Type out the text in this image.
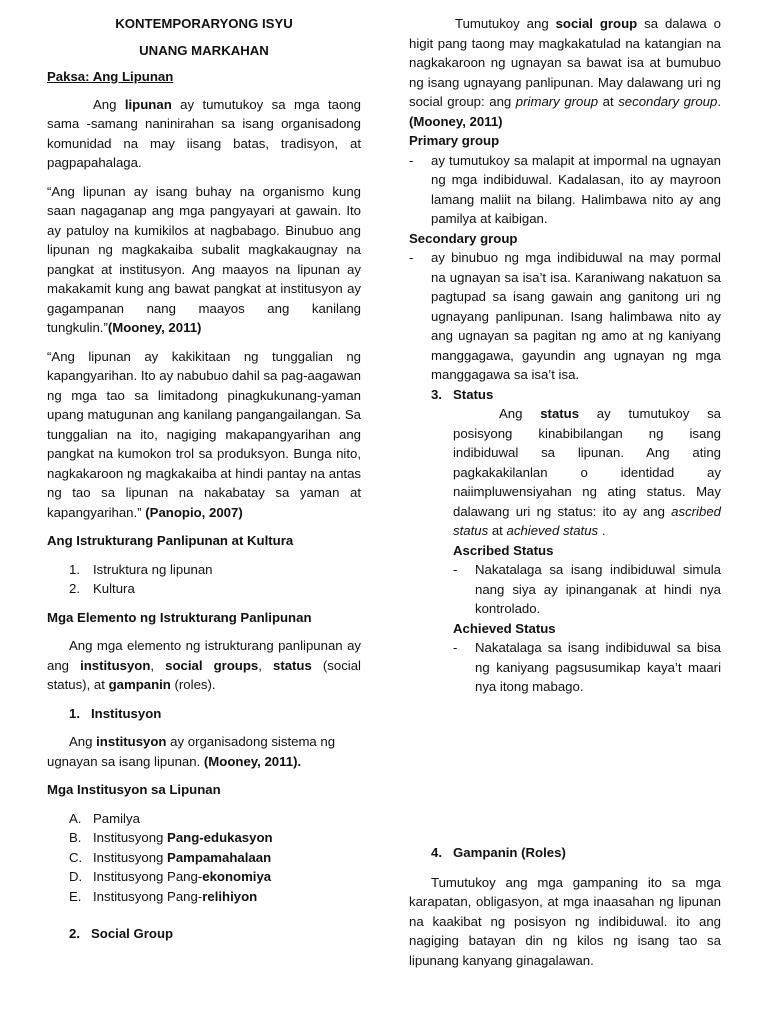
KONTEMPORARYONG ISYU

UNANG MARKAHAN

Paksa: Ang Lipunan

Ang lipunan ay tumutukoy sa mga taong sama -samang naninirahan sa isang organisadong komunidad na may iisang batas, tradisyon, at pagpapahalaga.

“Ang lipunan ay isang buhay na organismo kung saan nagaganap ang mga pangyayari at gawain. Ito ay patuloy na kumikilos at nagbabago. Binubuo ang lipunan ng magkakaiba subalit magkakaugnay na pangkat at institusyon. Ang maayos na lipunan ay makakamit kung ang bawat pangkat at institusyon ay gagampanan nang maayos ang kanilang tungkulin.”(Mooney, 2011)

“Ang lipunan ay kakikitaan ng tunggalian ng kapangyarihan. Ito ay nabubuo dahil sa pag-aagawan ng mga tao sa limitadong pinagkukunang-yaman upang matugunan ang kanilang pangangailangan. Sa tunggalian na ito, nagiging makapangyarihan ang pangkat na kumokon trol sa produksyon. Bunga nito, nagkakaroon ng magkakaiba at hindi pantay na antas ng tao sa lipunan na nakabatay sa yaman at kapangyarihan.” (Panopio, 2007)

Ang Istrukturang Panlipunan at Kultura

1. Istruktura ng lipunan
2. Kultura

Mga Elemento ng Istrukturang Panlipunan

Ang mga elemento ng istrukturang panlipunan ay ang institusyon, social groups, status (social status), at gampanin (roles).

1. Institusyon

Ang institusyon ay organisadong sistema ng ugnayan sa isang lipunan. (Mooney, 2011).

Mga Institusyon sa Lipunan

A. Pamilya
B. Institusyong Pang-edukasyon
C. Institusyong Pampamahalaan
D. Institusyong Pang-ekonomiya
E. Institusyong Pang-relihiyon

2. Social Group

Tumutukoy ang social group sa dalawa o higit pang taong may magkakatulad na katangian na nagkakaroon ng ugnayan sa bawat isa at bumubuo ng isang ugnayang panlipunan. May dalawang uri ng social group: ang primary group at secondary group. (Mooney, 2011)

Primary group

- ay tumutukoy sa malapit at impormal na ugnayan ng mga indibiduwal. Kadalasan, ito ay mayroon lamang maliit na bilang. Halimbawa nito ay ang pamilya at kaibigan.

Secondary group

- ay binubuo ng mga indibiduwal na may pormal na ugnayan sa isa’t isa. Karaniwang nakatuon sa pagtupad sa isang gawain ang ganitong uri ng ugnayang panlipunan. Isang halimbawa nito ay ang ugnayan sa pagitan ng amo at ng kaniyang manggagawa, gayundin ang ugnayan ng mga manggagawa sa isa’t isa.

3. Status

Ang status ay tumutukoy sa posisyong kinabibilangan ng isang indibiduwal sa lipunan. Ang ating pagkakakilanlan o identidad ay naiimpluwensiyahan ng ating status. May dalawang uri ng status: ito ay ang ascribed status at achieved status .

Ascribed Status

- Nakatalaga sa isang indibiduwal simula nang siya ay ipinanganak at hindi nya kontrolado.

Achieved Status

- Nakatalaga sa isang indibiduwal sa bisa ng kaniyang pagsusumikap kaya’t maari nya itong mabago.

4. Gampanin (Roles)

Tumutukoy ang mga gampaning ito sa mga karapatan, obligasyon, at mga inaasahan ng lipunan na kaakibat ng posisyon ng indibiduwal. ito ang nagiging batayan din ng kilos ng isang tao sa lipunang kanyang ginagalawan.
